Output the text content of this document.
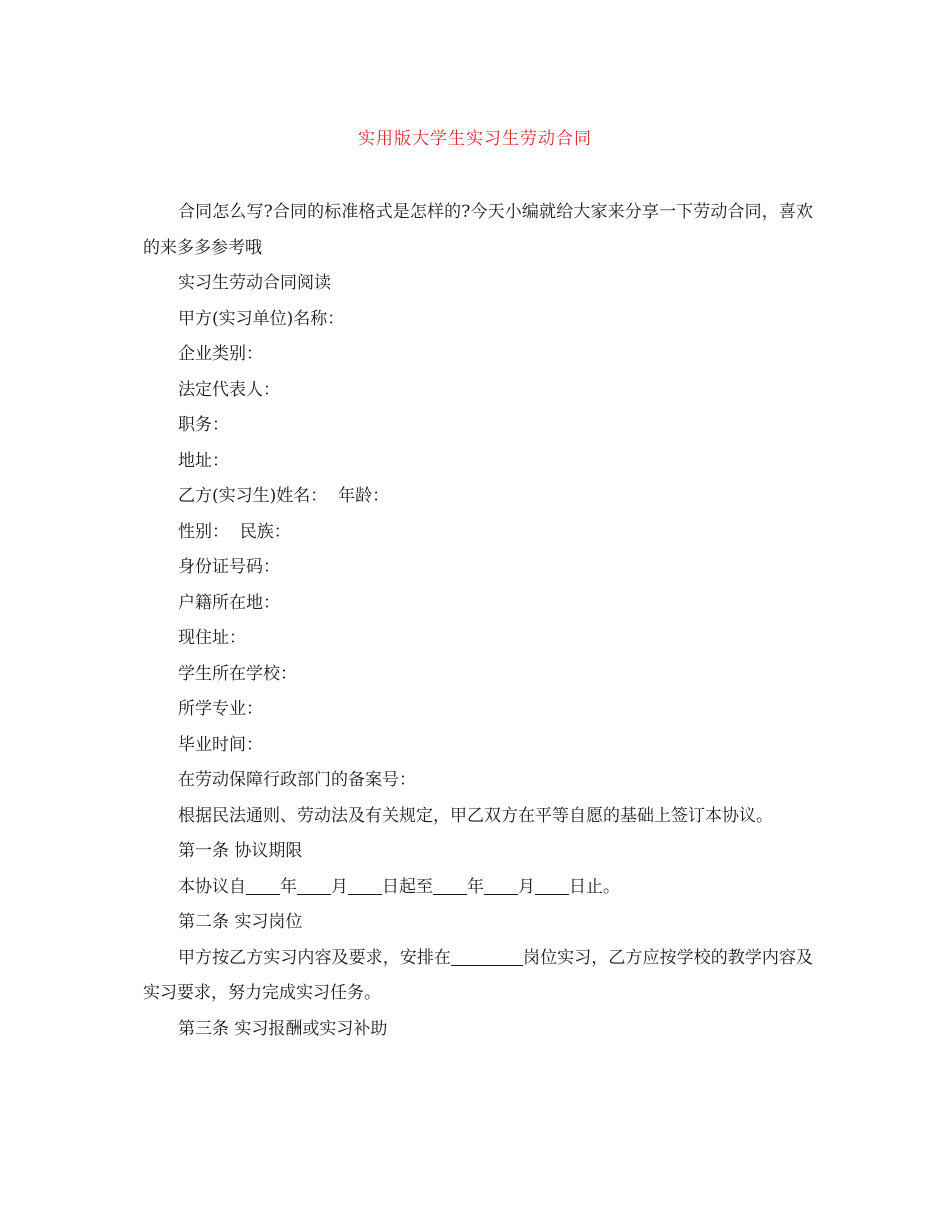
实用版大学生实习生劳动合同

合同怎么写?合同的标准格式是怎样的?今天小编就给大家来分享一下劳动合同，喜欢的来多多参考哦

实习生劳动合同阅读

甲方(实习单位)名称：

企业类别：

法定代表人：

职务：

地址：

乙方(实习生)姓名： 年龄：

性别： 民族：

身份证号码：

户籍所在地：

现住址：

学生所在学校：

所学专业：

毕业时间：

在劳动保障行政部门的备案号：

根据民法通则、劳动法及有关规定，甲乙双方在平等自愿的基础上签订本协议。

第一条 协议期限

本协议自 年 月 日起至 年 月 日止。

第二条 实习岗位

甲方按乙方实习内容及要求，安排在	岗位实习，乙方应按学校的教学内容及实习要求，努力完成实习任务。

第三条 实习报酬或实习补助
